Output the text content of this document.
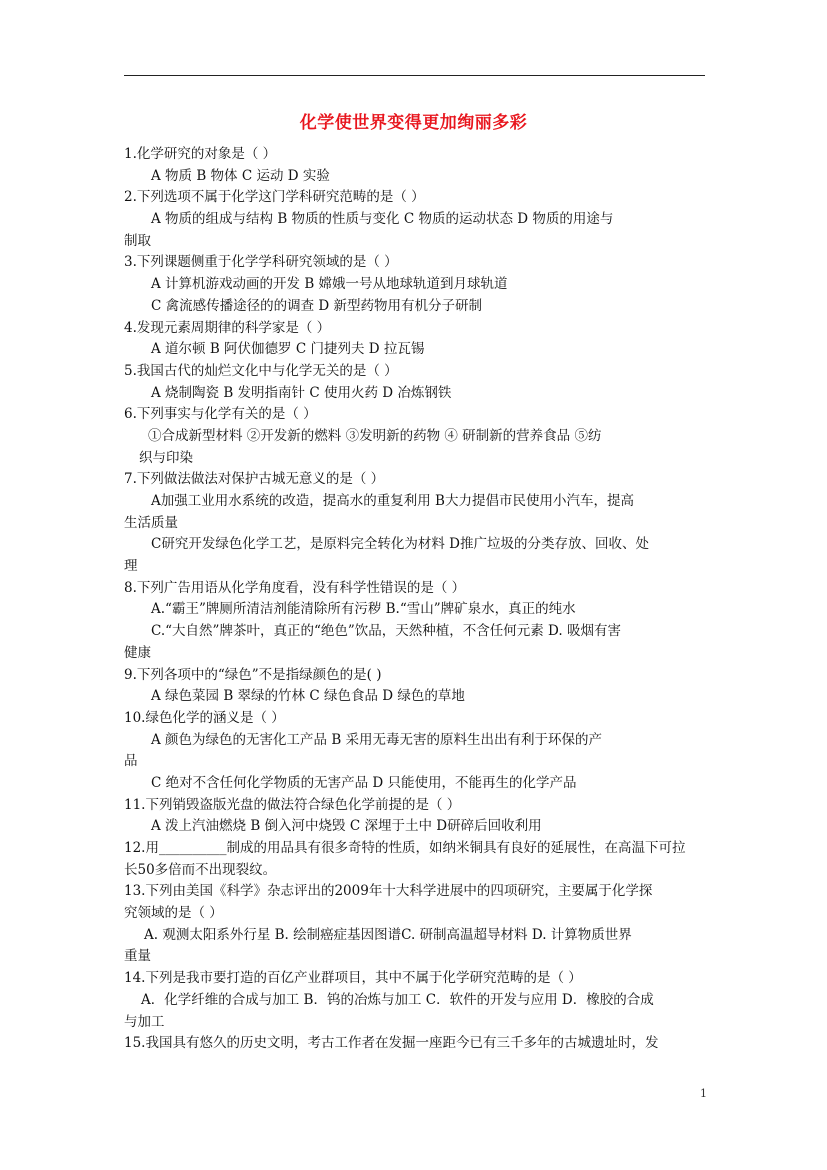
化学使世界变得更加绚丽多彩
1.化学研究的对象是（ ）
A 物质 B 物体 C 运动 D 实验
2.下列选项不属于化学这门学科研究范畴的是（ ）
A 物质的组成与结构 B 物质的性质与变化 C 物质的运动状态 D 物质的用途与
制取
3.下列课题侧重于化学学科研究领域的是（ ）
A 计算机游戏动画的开发 B 嫦娥一号从地球轨道到月球轨道
C 禽流感传播途径的的调查 D 新型药物用有机分子研制
4.发现元素周期律的科学家是（ ）
A 道尔顿 B 阿伏伽德罗 C 门捷列夫 D 拉瓦锡
5.我国古代的灿烂文化中与化学无关的是（ ）
A 烧制陶瓷 B 发明指南针 C 使用火药 D 冶炼钢铁
6.下列事实与化学有关的是（ ）
①合成新型材料 ②开发新的燃料 ③发明新的药物 ④ 研制新的营养食品 ⑤纺
织与印染
7.下列做法做法对保护古城无意义的是（ ）
A加强工业用水系统的改造，提高水的重复利用 B大力提倡市民使用小汽车，提高
生活质量
C研究开发绿色化学工艺，是原料完全转化为材料 D推广垃圾的分类存放、回收、处
理
8.下列广告用语从化学角度看，没有科学性错误的是（ ）
A.“霸王”牌厕所清洁剂能清除所有污秽 B.“雪山”牌矿泉水，真正的纯水
C.“大自然”牌茶叶，真正的“绝色”饮品，天然种植，不含任何元素 D. 吸烟有害
健康
9.下列各项中的“绿色”不是指绿颜色的是( )
A 绿色菜园 B 翠绿的竹林 C 绿色食品 D 绿色的草地
10.绿色化学的涵义是（ ）
A 颜色为绿色的无害化工产品 B 采用无毒无害的原料生出出有利于环保的产
品
C 绝对不含任何化学物质的无害产品 D 只能使用，不能再生的化学产品
11.下列销毁盗版光盘的做法符合绿色化学前提的是（ ）
A 泼上汽油燃烧 B 倒入河中烧毁 C 深埋于土中 D研碎后回收利用
12.用__________制成的用品具有很多奇特的性质，如纳米铜具有良好的延展性，在高温下可拉
长50多倍而不出现裂纹。
13.下列由美国《科学》杂志评出的2009年十大科学进展中的四项研究，主要属于化学探
究领域的是（ ）
A. 观测太阳系外行星 B. 绘制癌症基因图谱C. 研制高温超导材料 D. 计算物质世界
重量
14.下列是我市要打造的百亿产业群项目，其中不属于化学研究范畴的是（ ）
A．化学纤维的合成与加工 B．钨的冶炼与加工 C．软件的开发与应用 D．橡胶的合成
与加工
15.我国具有悠久的历史文明，考古工作者在发掘一座距今已有三千多年的古城遗址时，发
1
